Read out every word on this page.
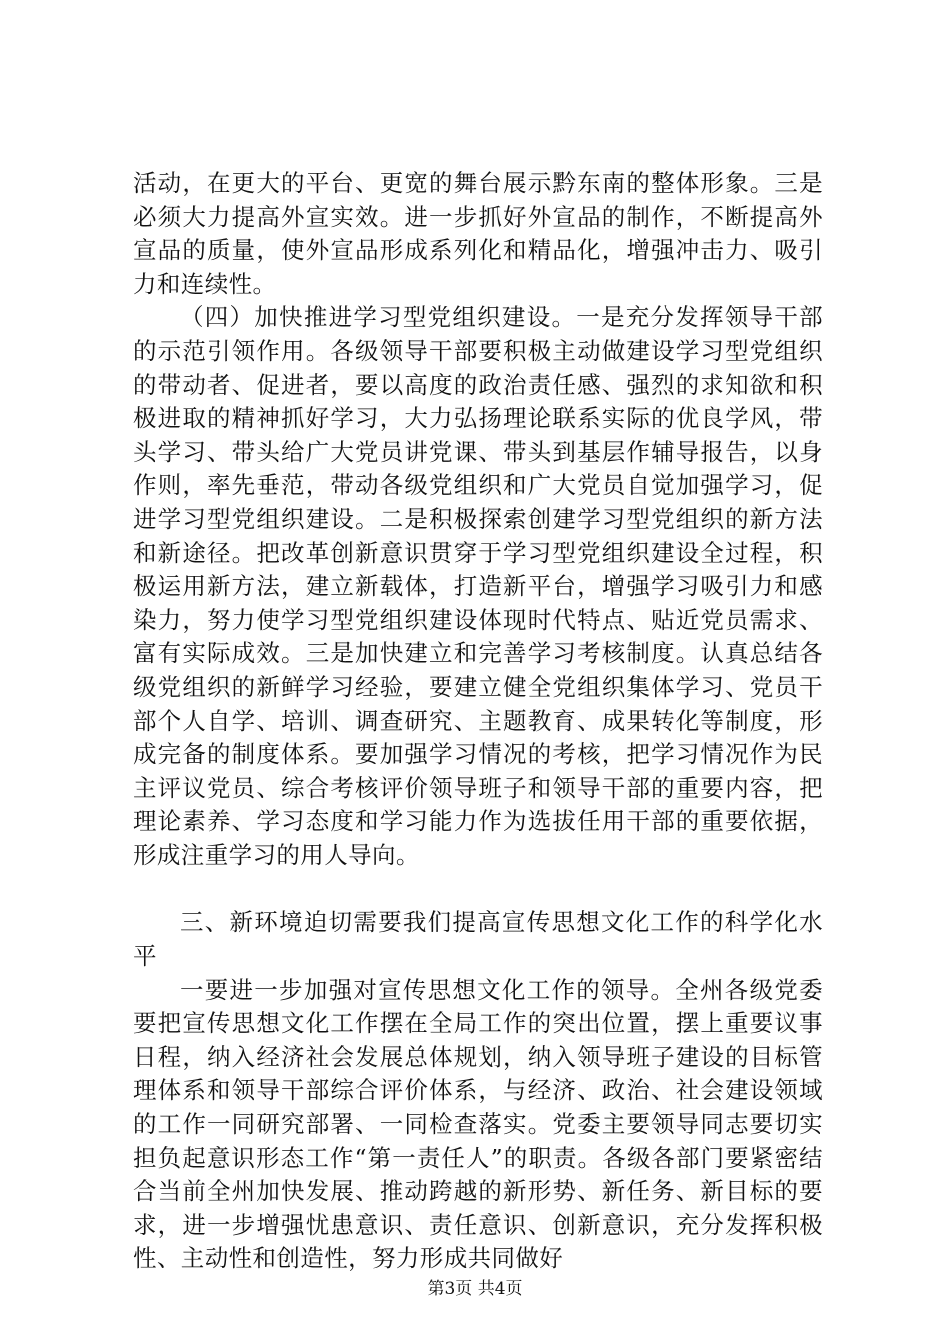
活动，在更大的平台、更宽的舞台展示黔东南的整体形象。三是必须大力提高外宣实效。进一步抓好外宣品的制作，不断提高外宣品的质量，使外宣品形成系列化和精品化，增强冲击力、吸引力和连续性。

（四）加快推进学习型党组织建设。一是充分发挥领导干部的示范引领作用。各级领导干部要积极主动做建设学习型党组织的带动者、促进者，要以高度的政治责任感、强烈的求知欲和积极进取的精神抓好学习，大力弘扬理论联系实际的优良学风，带头学习、带头给广大党员讲党课、带头到基层作辅导报告，以身作则，率先垂范，带动各级党组织和广大党员自觉加强学习，促进学习型党组织建设。二是积极探索创建学习型党组织的新方法和新途径。把改革创新意识贯穿于学习型党组织建设全过程，积极运用新方法，建立新载体，打造新平台，增强学习吸引力和感染力，努力使学习型党组织建设体现时代特点、贴近党员需求、富有实际成效。三是加快建立和完善学习考核制度。认真总结各级党组织的新鲜学习经验，要建立健全党组织集体学习、党员干部个人自学、培训、调查研究、主题教育、成果转化等制度，形成完备的制度体系。要加强学习情况的考核，把学习情况作为民主评议党员、综合考核评价领导班子和领导干部的重要内容，把理论素养、学习态度和学习能力作为选拔任用干部的重要依据，形成注重学习的用人导向。

三、新环境迫切需要我们提高宣传思想文化工作的科学化水平

一要进一步加强对宣传思想文化工作的领导。全州各级党委要把宣传思想文化工作摆在全局工作的突出位置，摆上重要议事日程，纳入经济社会发展总体规划，纳入领导班子建设的目标管理体系和领导干部综合评价体系，与经济、政治、社会建设领域的工作一同研究部署、一同检查落实。党委主要领导同志要切实担负起意识形态工作“第一责任人”的职责。各级各部门要紧密结合当前全州加快发展、推动跨越的新形势、新任务、新目标的要求，进一步增强忧患意识、责任意识、创新意识，充分发挥积极性、主动性和创造性，努力形成共同做好

第3页 共4页
